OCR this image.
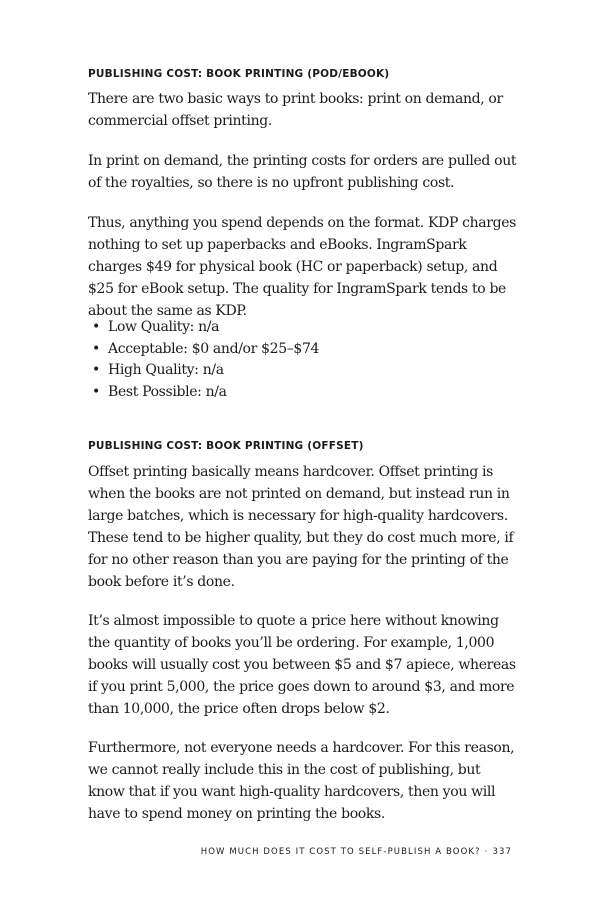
PUBLISHING COST: BOOK PRINTING (POD/EBOOK)

There are two basic ways to print books: print on demand, or commercial offset printing.

In print on demand, the printing costs for orders are pulled out of the royalties, so there is no upfront publishing cost.

Thus, anything you spend depends on the format. KDP charges nothing to set up paperbacks and eBooks. IngramSpark charges $49 for physical book (HC or paperback) setup, and $25 for eBook setup. The quality for IngramSpark tends to be about the same as KDP.

• Low Quality: n/a
• Acceptable: $0 and/or $25–$74
• High Quality: n/a
• Best Possible: n/a
PUBLISHING COST: BOOK PRINTING (OFFSET)

Offset printing basically means hardcover. Offset printing is when the books are not printed on demand, but instead run in large batches, which is necessary for high-quality hardcovers. These tend to be higher quality, but they do cost much more, if for no other reason than you are paying for the printing of the book before it’s done.

It’s almost impossible to quote a price here without knowing the quantity of books you’ll be ordering. For example, 1,000 books will usually cost you between $5 and $7 apiece, whereas if you print 5,000, the price goes down to around $3, and more than 10,000, the price often drops below $2.

Furthermore, not everyone needs a hardcover. For this reason, we cannot really include this in the cost of publishing, but know that if you want high-quality hardcovers, then you will have to spend money on printing the books.

HOW MUCH DOES IT COST TO SELF-PUBLISH A BOOK? · 337
